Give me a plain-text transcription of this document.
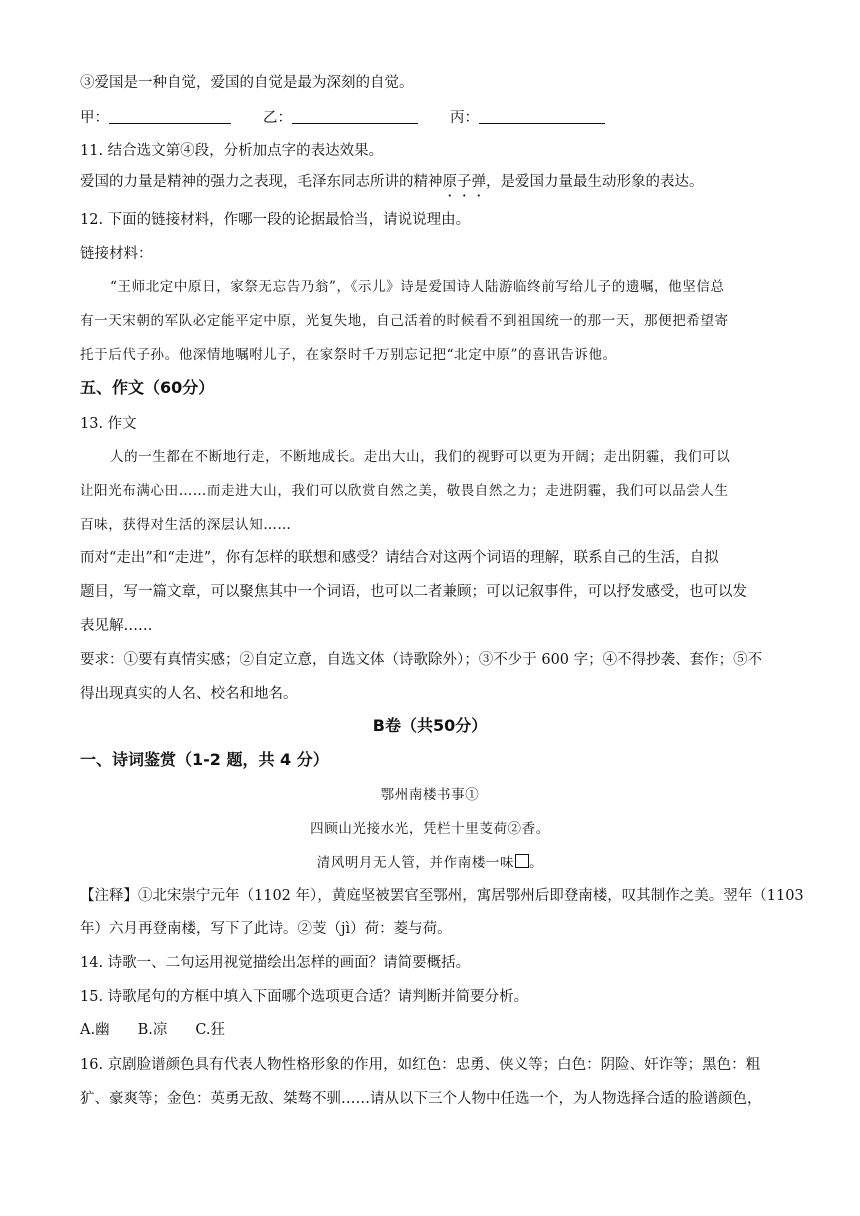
③爱国是一种自觉，爱国的自觉是最为深刻的自觉。
甲：	乙：	丙：
11. 结合选文第④段，分析加点字的表达效果。
爱国的力量是精神的强力之表现，毛泽东同志所讲的精神原子弹，是爱国力量最生动形象的表达。
12. 下面的链接材料，作哪一段的论据最恰当，请说说理由。
链接材料：
“王师北定中原日，家祭无忘告乃翁”，《示儿》诗是爱国诗人陆游临终前写给儿子的遗嘱，他坚信总
有一天宋朝的军队必定能平定中原，光复失地，自己活着的时候看不到祖国统一的那一天，那便把希望寄
托于后代子孙。他深情地嘱咐儿子，在家祭时千万别忘记把“北定中原”的喜讯告诉他。
五、作文（60分）
13. 作文
人的一生都在不断地行走，不断地成长。走出大山，我们的视野可以更为开阔；走出阴霾，我们可以
让阳光布满心田……而走进大山，我们可以欣赏自然之美，敬畏自然之力；走进阴霾，我们可以品尝人生
百味，获得对生活的深层认知……
而对“走出”和“走进”，你有怎样的联想和感受？请结合对这两个词语的理解，联系自己的生活，自拟
题目，写一篇文章，可以聚焦其中一个词语，也可以二者兼顾；可以记叙事件，可以抒发感受，也可以发
表见解……
要求：①要有真情实感；②自定立意，自选文体（诗歌除外）；③不少于 600 字；④不得抄袭、套作；⑤不
得出现真实的人名、校名和地名。
B卷（共50分）
一、诗词鉴赏（1-2 题，共 4 分）
鄂州南楼书事①
四顾山光接水光，凭栏十里芰荷②香。
清风明月无人管，并作南楼一味 。
【注释】①北宋崇宁元年（1102 年），黄庭坚被罢官至鄂州，寓居鄂州后即登南楼，叹其制作之美。翌年（1103
年）六月再登南楼，写下了此诗。②芰（jì）荷：菱与荷。
14. 诗歌一、二句运用视觉描绘出怎样的画面？请简要概括。
15. 诗歌尾句的方框中填入下面哪个选项更合适？请判断并简要分析。
A.幽 B.凉 C.狂
16. 京剧脸谱颜色具有代表人物性格形象的作用，如红色：忠勇、侠义等；白色：阴险、奸诈等；黑色：粗
犷、豪爽等；金色：英勇无敌、桀骜不驯……请从以下三个人物中任选一个，为人物选择合适的脸谱颜色，
